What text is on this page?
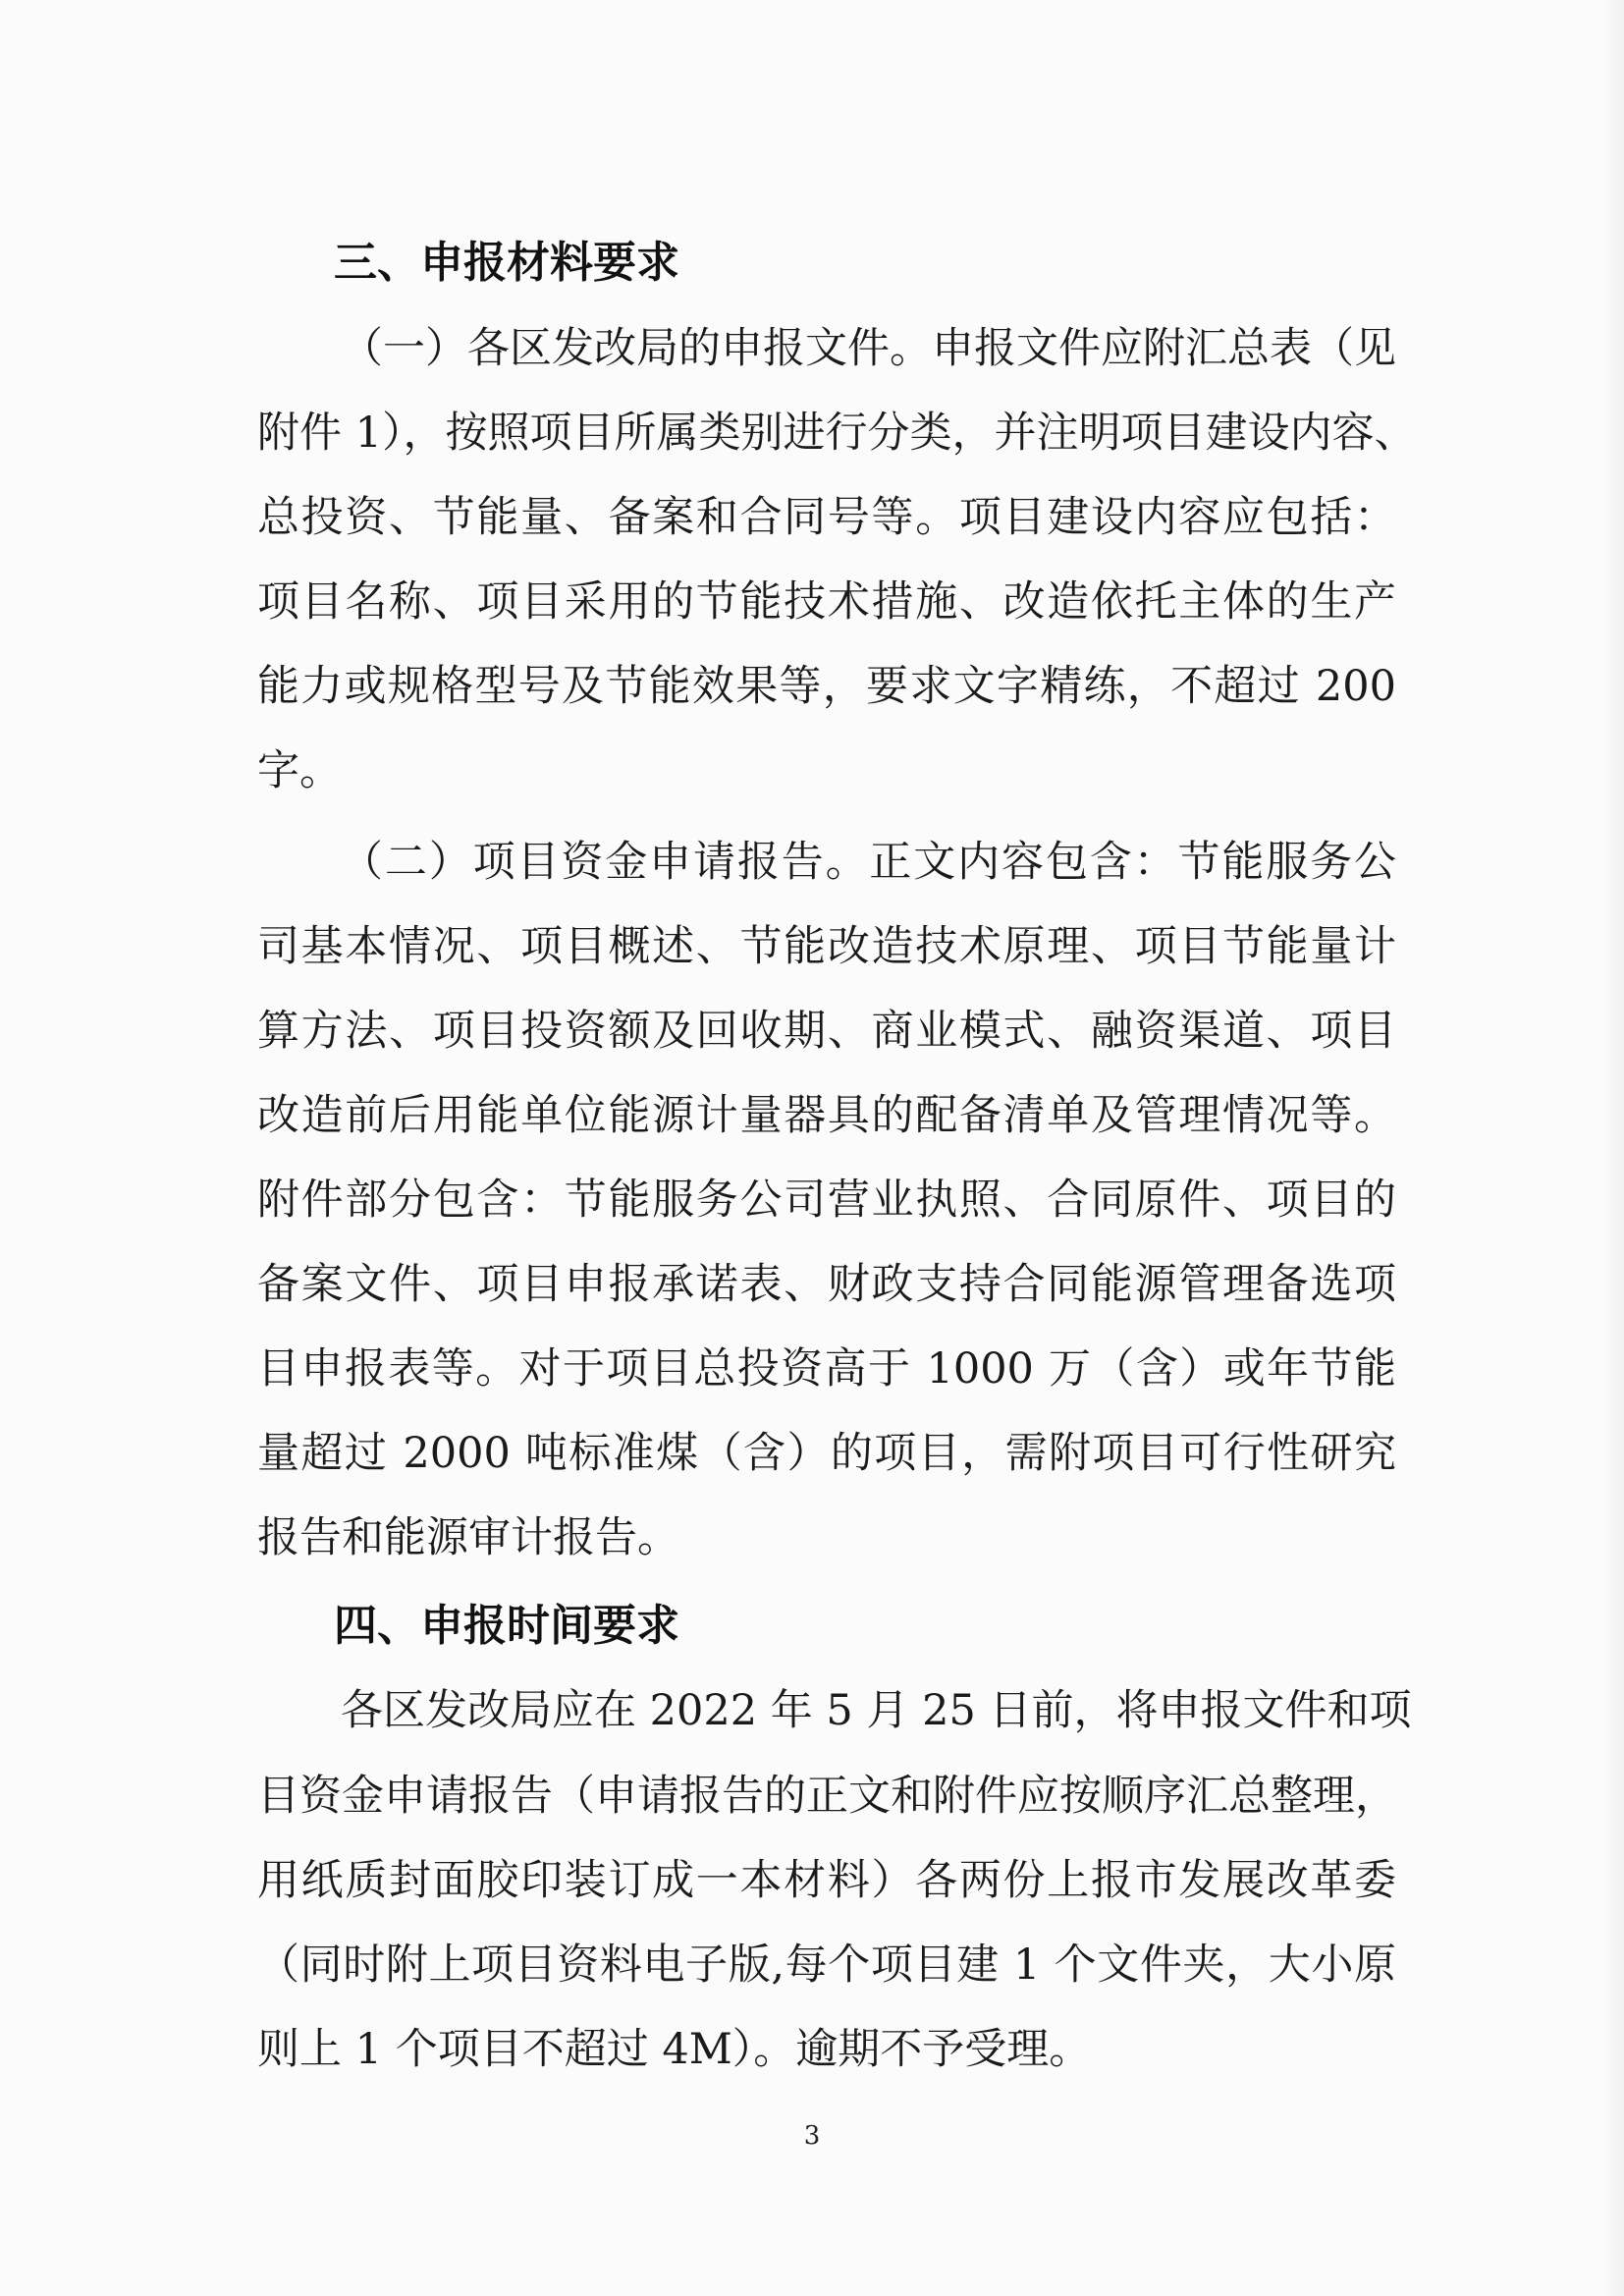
三、申报材料要求
（一）各区发改局的申报文件。申报文件应附汇总表（见
附件 1），按照项目所属类别进行分类，并注明项目建设内容、
总投资、节能量、备案和合同号等。项目建设内容应包括：
项目名称、项目采用的节能技术措施、改造依托主体的生产
能力或规格型号及节能效果等，要求文字精练，不超过 200
字。
（二）项目资金申请报告。正文内容包含：节能服务公
司基本情况、项目概述、节能改造技术原理、项目节能量计
算方法、项目投资额及回收期、商业模式、融资渠道、项目
改造前后用能单位能源计量器具的配备清单及管理情况等。
附件部分包含：节能服务公司营业执照、合同原件、项目的
备案文件、项目申报承诺表、财政支持合同能源管理备选项
目申报表等。对于项目总投资高于 1000 万（含）或年节能
量超过 2000 吨标准煤（含）的项目，需附项目可行性研究
报告和能源审计报告。
四、申报时间要求
各区发改局应在 2022 年 5 月 25 日前，将申报文件和项
目资金申请报告（申请报告的正文和附件应按顺序汇总整理，
用纸质封面胶印装订成一本材料）各两份上报市发展改革委
（同时附上项目资料电子版,每个项目建 1 个文件夹，大小原
则上 1 个项目不超过 4M）。逾期不予受理。
3
